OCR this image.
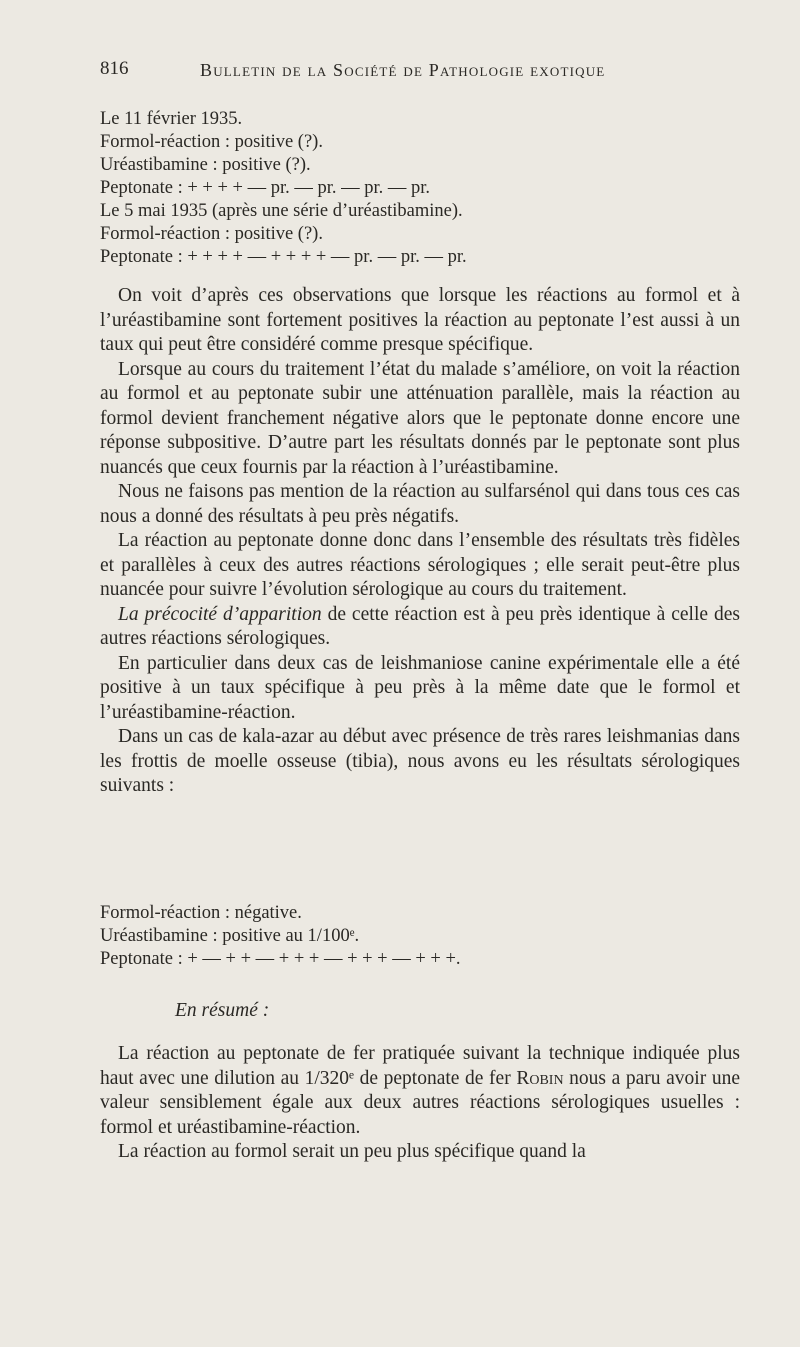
816	Bulletin de la Société de Pathologie exotique
Le 11 février 1935.
Formol-réaction : positive (?).
Uréastibamine : positive (?).
Peptonate : + + + + — pr. — pr. — pr. — pr.
Le 5 mai 1935 (après une série d’uréastibamine).
Formol-réaction : positive (?).
Peptonate : + + + + — + + + + — pr. — pr. — pr.

On voit d’après ces observations que lorsque les réactions au formol et à l’uréastibamine sont fortement positives la réaction au peptonate l’est aussi à un taux qui peut être considéré comme presque spécifique.

Lorsque au cours du traitement l’état du malade s’améliore, on voit la réaction au formol et au peptonate subir une atténuation parallèle, mais la réaction au formol devient franchement négative alors que le peptonate donne encore une réponse subpositive. D’autre part les résultats donnés par le peptonate sont plus nuancés que ceux fournis par la réaction à l’uréastibamine.

Nous ne faisons pas mention de la réaction au sulfarsénol qui dans tous ces cas nous a donné des résultats à peu près négatifs.

La réaction au peptonate donne donc dans l’ensemble des résultats très fidèles et parallèles à ceux des autres réactions sérologiques ; elle serait peut-être plus nuancée pour suivre l’évolution sérologique au cours du traitement.

La précocité d’apparition de cette réaction est à peu près identique à celle des autres réactions sérologiques.

En particulier dans deux cas de leishmaniose canine expérimentale elle a été positive à un taux spécifique à peu près à la même date que le formol et l’uréastibamine-réaction.

Dans un cas de kala-azar au début avec présence de très rares leishmanias dans les frottis de moelle osseuse (tibia), nous avons eu les résultats sérologiques suivants :

Formol-réaction : négative.
Uréastibamine : positive au 1/100ᵉ.
Peptonate : + — + + — + + + — + + + — + + +.
En résumé :

La réaction au peptonate de fer pratiquée suivant la technique indiquée plus haut avec une dilution au 1/320ᵉ de peptonate de fer Robin nous a paru avoir une valeur sensiblement égale aux deux autres réactions sérologiques usuelles : formol et uréastibamine-réaction.

La réaction au formol serait un peu plus spécifique quand la
